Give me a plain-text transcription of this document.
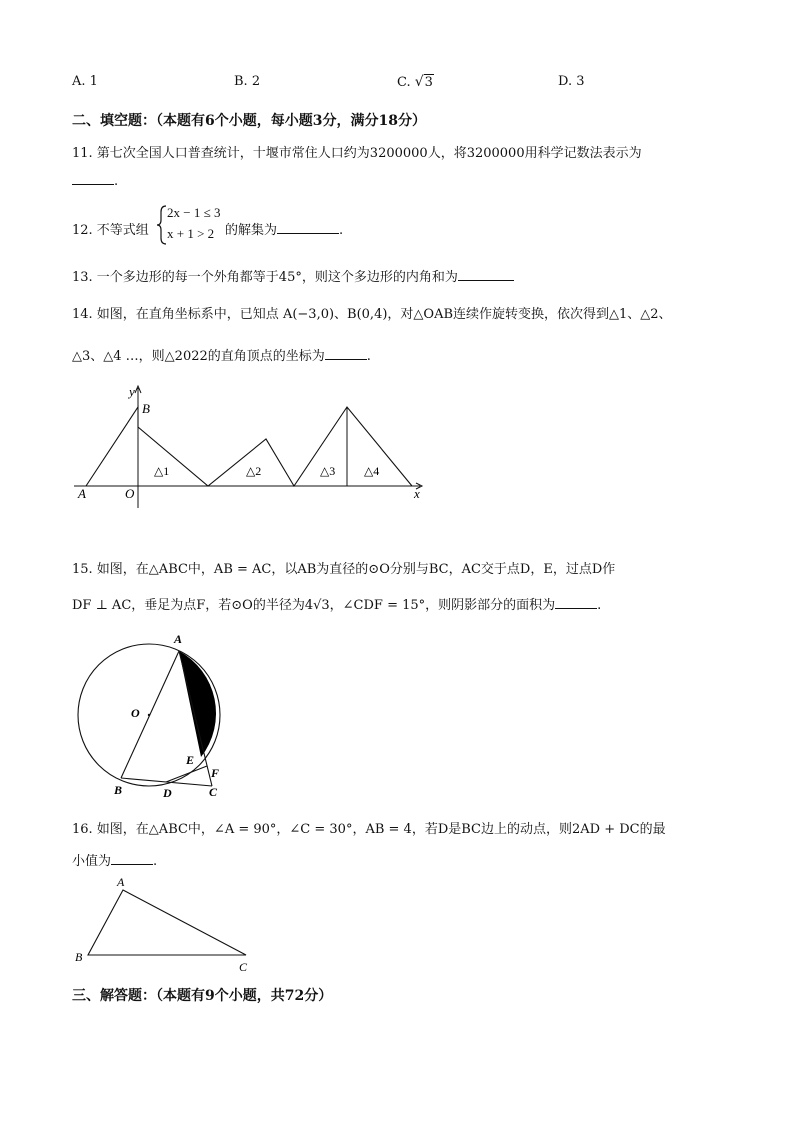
A. 1	B. 2	C. √3	D. 3
二、填空题：（本题有6个小题，每小题3分，满分18分）
11. 第七次全国人口普查统计，十堰市常住人口约为3200000人，将3200000用科学记数法表示为
.
12. 不等式组
2x − 1 ≤ 3
x + 1 > 2 的解集为	.
13. 一个多边形的每一个外角都等于45°，则这个多边形的内角和为
14. 如图，在直角坐标系中，已知点 A(−3,0)、B(0,4)，对△OAB连续作旋转变换，依次得到△1、△2、
△3、△4 …，则△2022的直角顶点的坐标为	.
y
x
A	O
B
△1	△2	△3 △4
15. 如图，在△ABC中，AB = AC，以AB为直径的⊙O分别与BC，AC交于点D，E，过点D作
DF ⊥ AC，垂足为点F，若⊙O的半径为4√3，∠CDF = 15°，则阴影部分的面积为	.
A
O
E
F
B	D	C
16. 如图，在△ABC中，∠A = 90°，∠C = 30°，AB = 4，若D是BC边上的动点，则2AD + DC的最
小值为	.
A
B
C
三、解答题：（本题有9个小题，共72分）
